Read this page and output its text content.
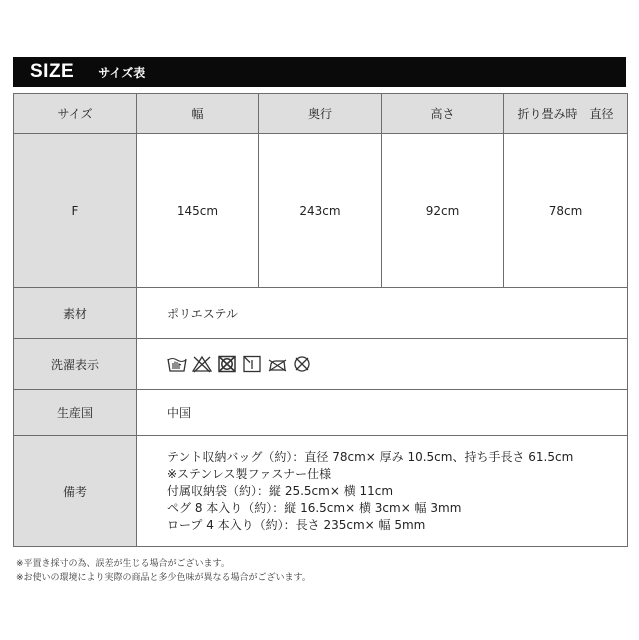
SIZE サイズ表
サイズ	幅	奥行	高さ	折り畳み時　直径
F	145cm	243cm	92cm	78cm
素材	ポリエステル			
洗濯表示	

生産国	中国			
備考	テント収納バッグ（約）：直径 78cm× 厚み 10.5cm、持ち手長さ 61.5cm
※ステンレス製ファスナー仕様
付属収納袋（約）：縦 25.5cm× 横 11cm
ペグ 8 本入り（約）：縦 16.5cm× 横 3cm× 幅 3mm
ロープ 4 本入り（約）：長さ 235cm× 幅 5mm			
※平置き採寸の為、誤差が生じる場合がございます。
※お使いの環境により実際の商品と多少色味が異なる場合がございます。
